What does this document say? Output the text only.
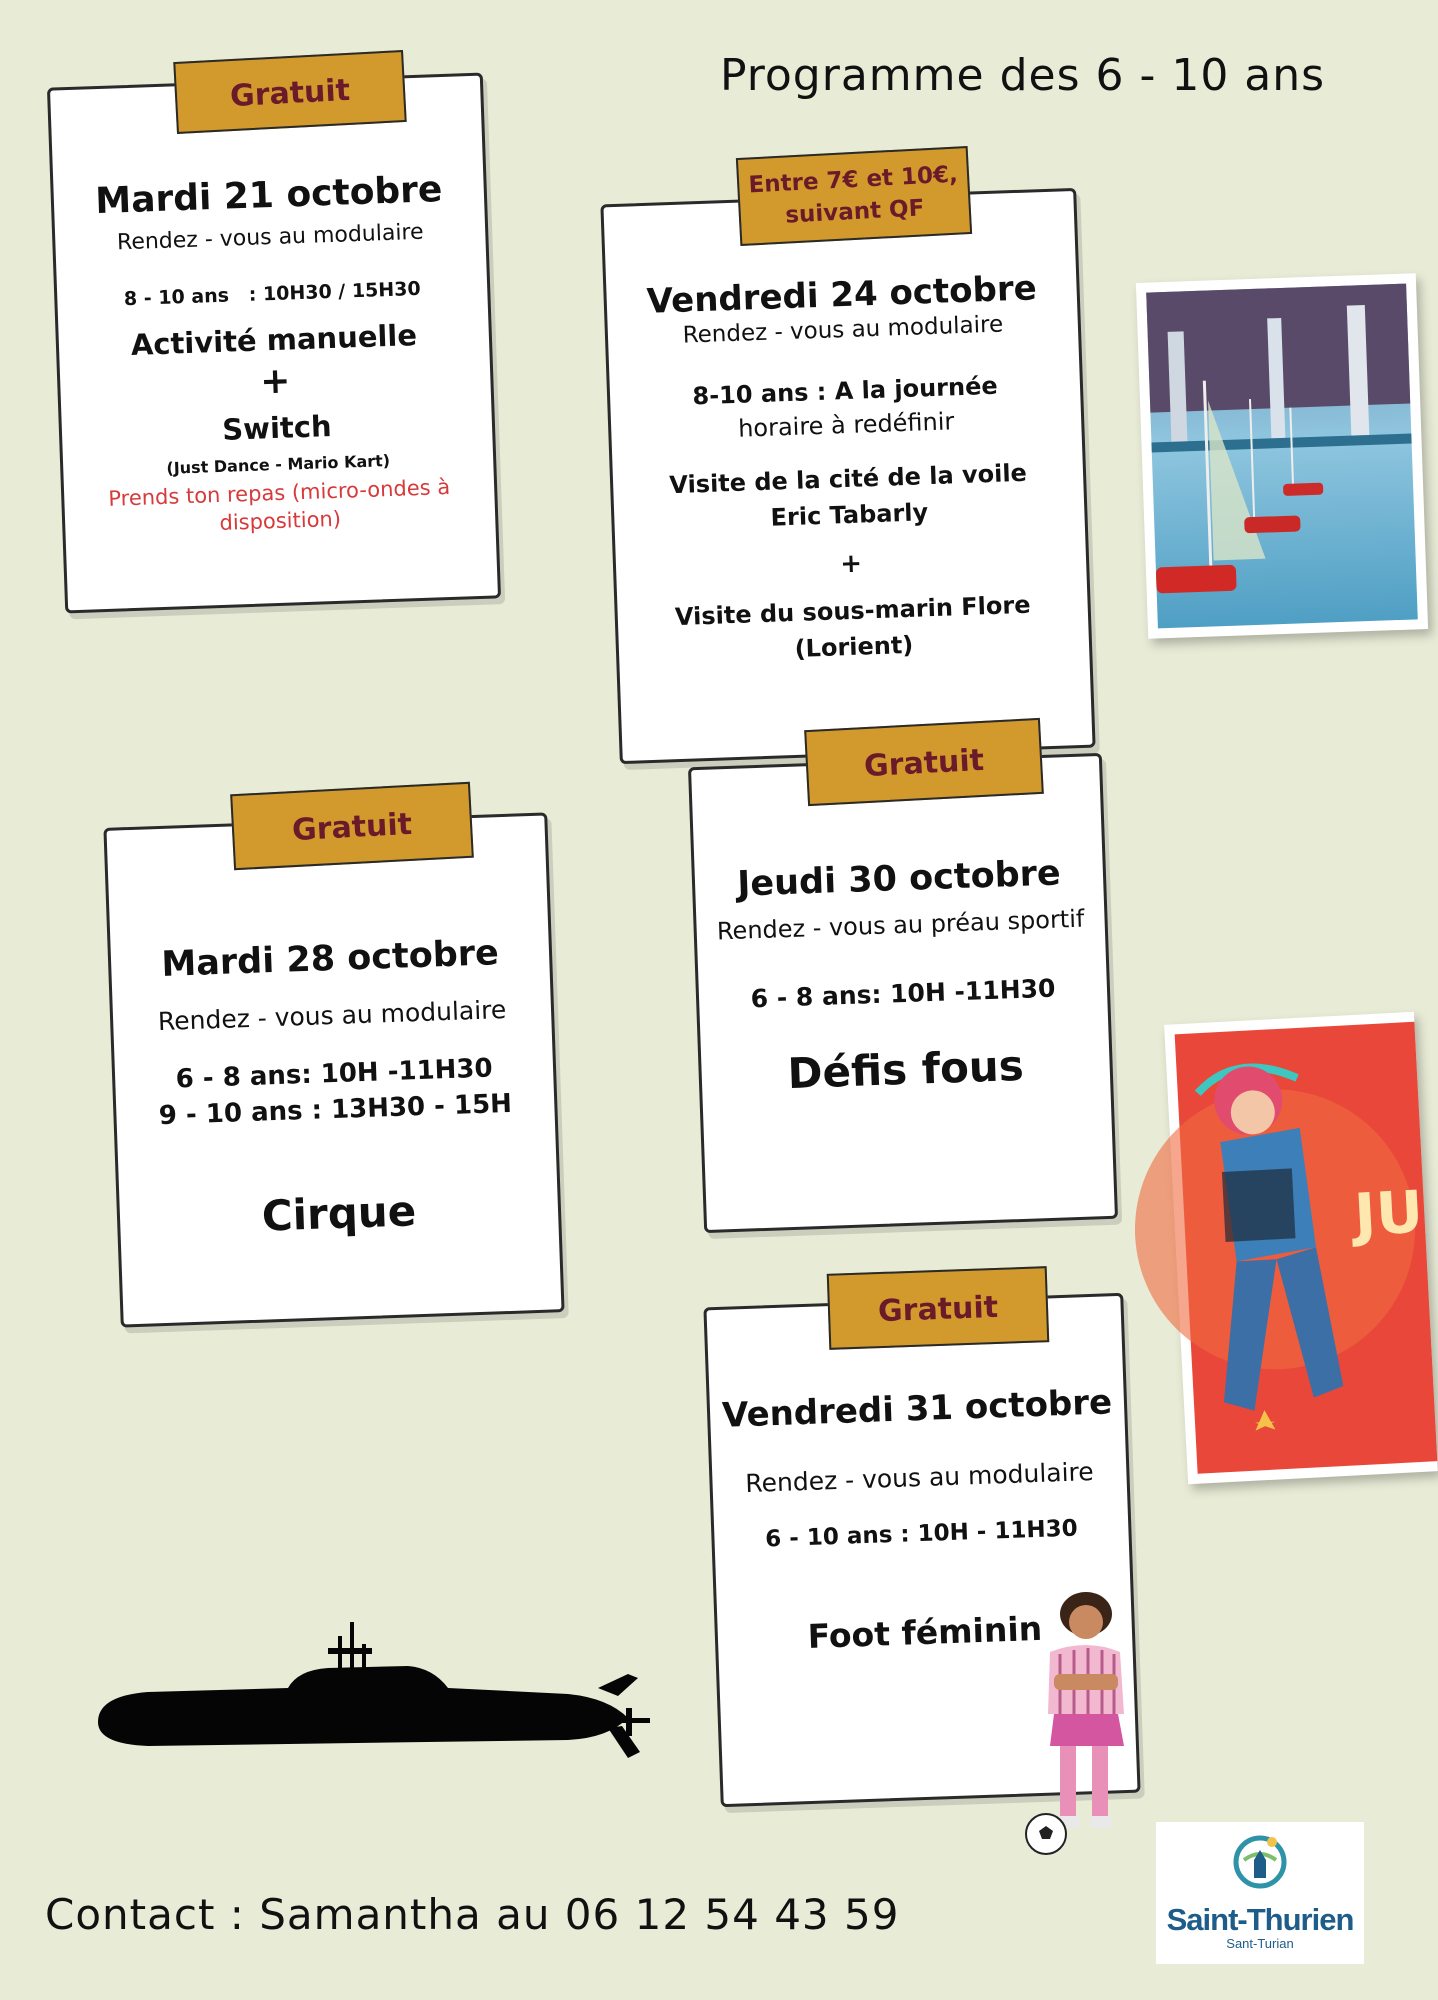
Programme des 6 - 10 ans
Gratuit
Mardi 21 octobre
Rendez - vous au modulaire
8 - 10 ans   : 10H30 / 15H30
Activité manuelle
+
Switch
(Just Dance - Mario Kart)
Prends ton repas (micro-ondes à
disposition)
Entre 7€ et 10€,
suivant QF
Vendredi 24 octobre
Rendez - vous au modulaire
8-10 ans : A la journée
horaire à redéfinir
Visite de la cité de la voile
Eric Tabarly
+
Visite du sous-marin Flore
(Lorient)
Gratuit
Mardi 28 octobre
Rendez - vous au modulaire
6 - 8 ans: 10H -11H30
9 - 10 ans : 13H30 - 15H
Cirque
Gratuit
Jeudi 30 octobre
Rendez - vous au préau sportif
6 - 8 ans: 10H -11H30
Défis fous
Gratuit
Vendredi 31 octobre
Rendez - vous au modulaire
6 - 10 ans : 10H - 11H30
Foot féminin
JU
Contact : Samantha au 06 12 54 43 59	Saint-Thurien
Sant-Turian
